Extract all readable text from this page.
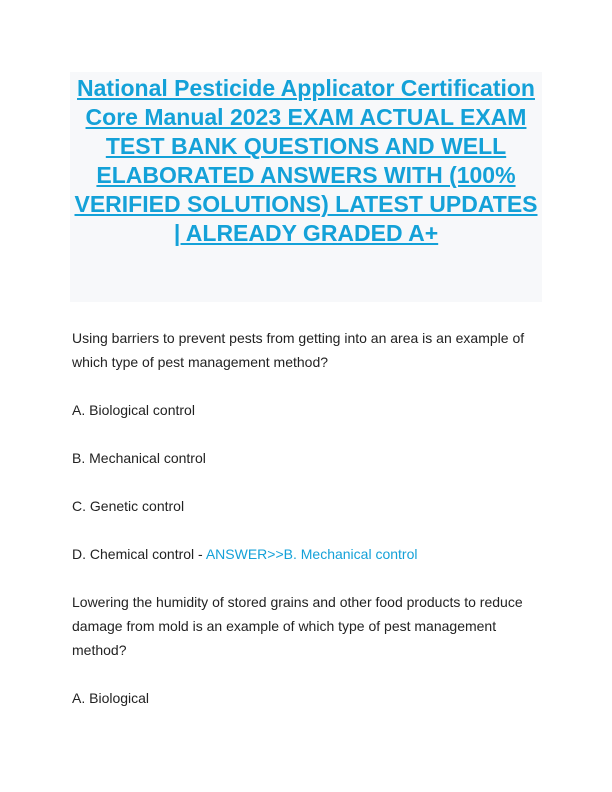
National Pesticide Applicator Certification Core Manual 2023 EXAM ACTUAL EXAM TEST BANK QUESTIONS AND WELL ELABORATED ANSWERS WITH (100% VERIFIED SOLUTIONS) LATEST UPDATES | ALREADY GRADED A+

Using barriers to prevent pests from getting into an area is an example of which type of pest management method?

A. Biological control

B. Mechanical control

C. Genetic control

D. Chemical control - ANSWER>>B. Mechanical control

Lowering the humidity of stored grains and other food products to reduce damage from mold is an example of which type of pest management method?

A. Biological
